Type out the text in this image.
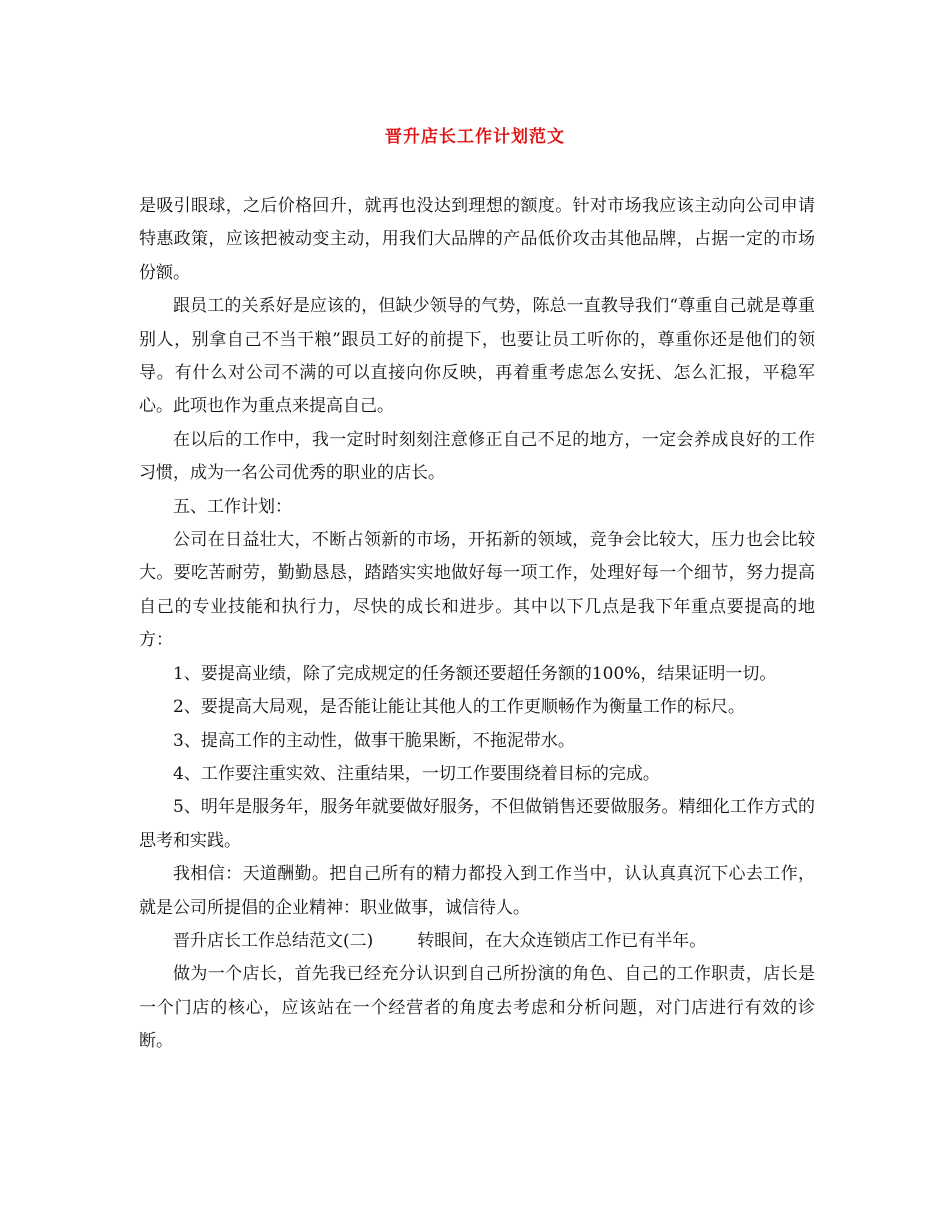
晋升店长工作计划范文

是吸引眼球，之后价格回升，就再也没达到理想的额度。针对市场我应该主动向公司申请特惠政策，应该把被动变主动，用我们大品牌的产品低价攻击其他品牌，占据一定的市场份额。

跟员工的关系好是应该的，但缺少领导的气势，陈总一直教导我们“尊重自己就是尊重别人，别拿自己不当干粮”跟员工好的前提下，也要让员工听你的，尊重你还是他们的领导。有什么对公司不满的可以直接向你反映，再着重考虑怎么安抚、怎么汇报，平稳军心。此项也作为重点来提高自己。

在以后的工作中，我一定时时刻刻注意修正自己不足的地方，一定会养成良好的工作习惯，成为一名公司优秀的职业的店长。

五、工作计划：

公司在日益壮大，不断占领新的市场，开拓新的领域，竞争会比较大，压力也会比较大。要吃苦耐劳，勤勤恳恳，踏踏实实地做好每一项工作，处理好每一个细节，努力提高自己的专业技能和执行力，尽快的成长和进步。其中以下几点是我下年重点要提高的地方：

1、要提高业绩，除了完成规定的任务额还要超任务额的100%，结果证明一切。

2、要提高大局观，是否能让能让其他人的工作更顺畅作为衡量工作的标尺。

3、提高工作的主动性，做事干脆果断，不拖泥带水。

4、工作要注重实效、注重结果，一切工作要围绕着目标的完成。

5、明年是服务年，服务年就要做好服务，不但做销售还要做服务。精细化工作方式的思考和实践。

我相信：天道酬勤。把自己所有的精力都投入到工作当中，认认真真沉下心去工作，就是公司所提倡的企业精神：职业做事，诚信待人。

晋升店长工作总结范文(二)	转眼间，在大众连锁店工作已有半年。

做为一个店长，首先我已经充分认识到自己所扮演的角色、自己的工作职责，店长是一个门店的核心，应该站在一个经营者的角度去考虑和分析问题，对门店进行有效的诊断。
